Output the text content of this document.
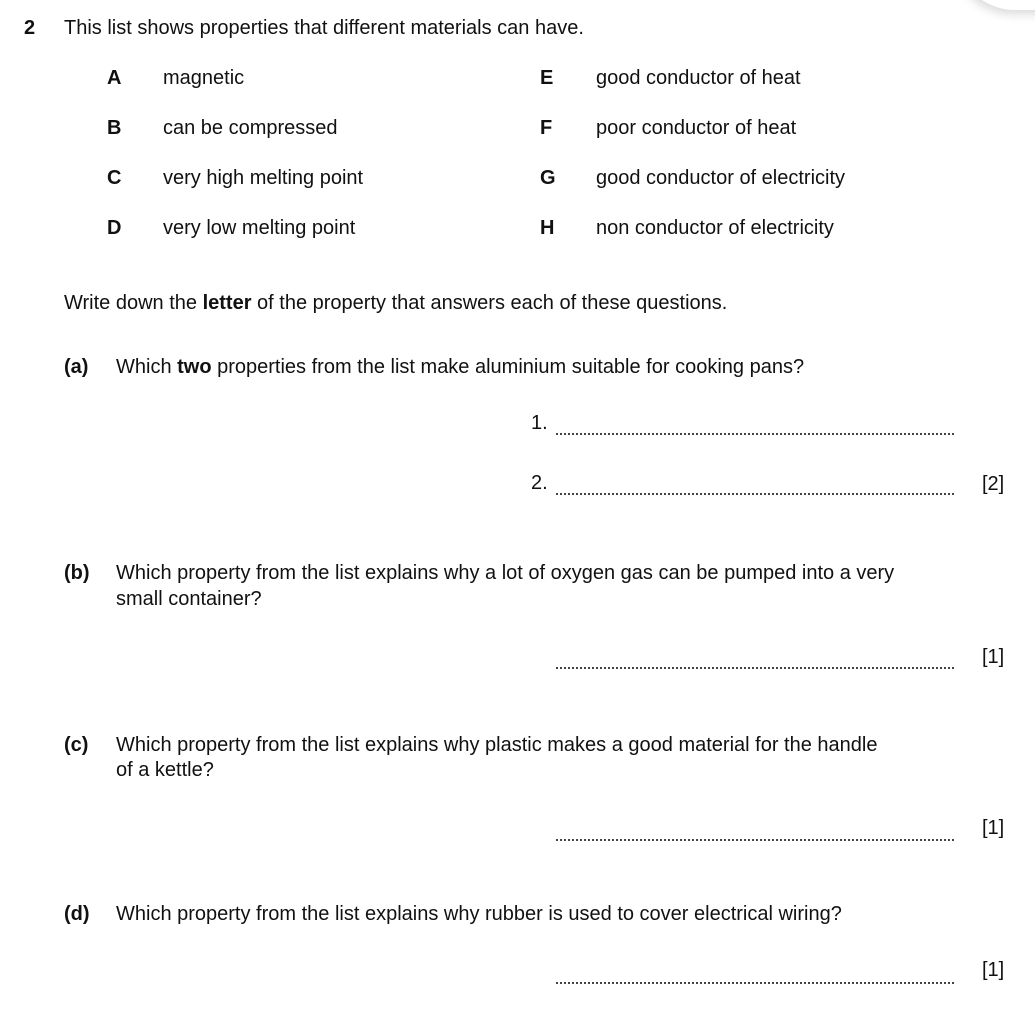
2 This list shows properties that different materials can have.
A magnetic
B can be compressed
C very high melting point
D very low melting point
E good conductor of heat
F poor conductor of heat
G good conductor of electricity
H non conductor of electricity
Write down the letter of the property that answers each of these questions.
(a) Which two properties from the list make aluminium suitable for cooking pans?
1.
2.	[2]
(b) Which property from the list explains why a lot of oxygen gas can be pumped into a very
small container?
[1]
(c) Which property from the list explains why plastic makes a good material for the handle
of a kettle?
[1]
(d) Which property from the list explains why rubber is used to cover electrical wiring?
[1]
